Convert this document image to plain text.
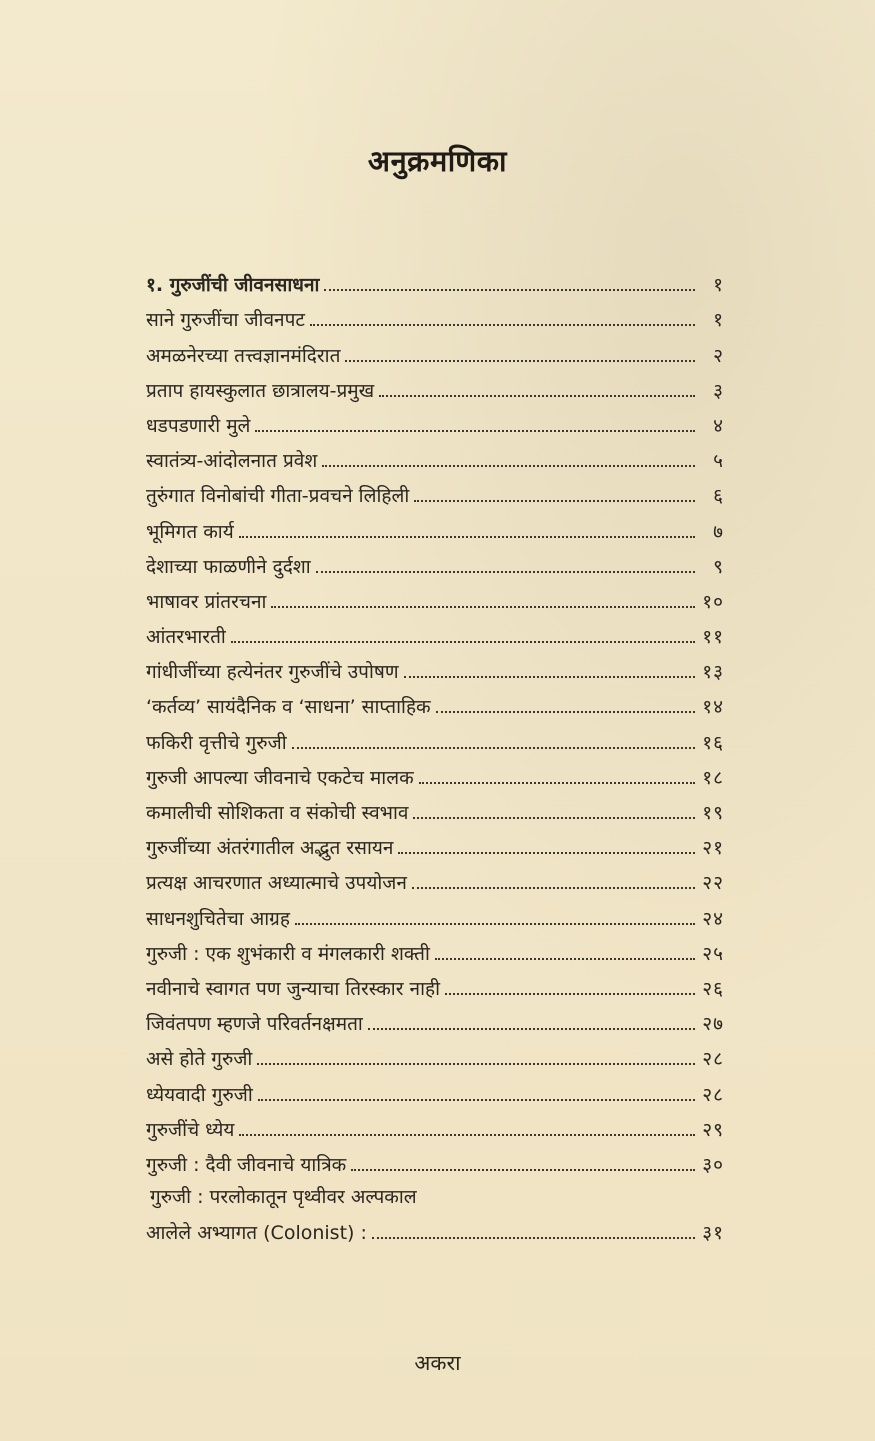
अनुक्रमणिका
१. गुरुजींची जीवनसाधना	१
साने गुरुजींचा जीवनपट	१
अमळनेरच्या तत्त्वज्ञानमंदिरात	२
प्रताप हायस्कुलात छात्रालय-प्रमुख	३
धडपडणारी मुले	४
स्वातंत्र्य-आंदोलनात प्रवेश	५
तुरुंगात विनोबांची गीता-प्रवचने लिहिली	६
भूमिगत कार्य	७
देशाच्या फाळणीने दुर्दशा	९
भाषावर प्रांतरचना	१०
आंतरभारती	११
गांधीजींच्या हत्येनंतर गुरुजींचे उपोषण	१३
‘कर्तव्य’ सायंदैनिक व ‘साधना’ साप्ताहिक	१४
फकिरी वृत्तीचे गुरुजी	१६
गुरुजी आपल्या जीवनाचे एकटेच मालक	१८
कमालीची सोशिकता व संकोची स्वभाव	१९
गुरुजींच्या अंतरंगातील अद्भुत रसायन	२१
प्रत्यक्ष आचरणात अध्यात्माचे उपयोजन	२२
साधनशुचितेचा आग्रह	२४
गुरुजी : एक शुभंकारी व मंगलकारी शक्ती	२५
नवीनाचे स्वागत पण जुन्याचा तिरस्कार नाही	२६
जिवंतपण म्हणजे परिवर्तनक्षमता	२७
असे होते गुरुजी	२८
ध्येयवादी गुरुजी	२८
गुरुजींचे ध्येय	२९
गुरुजी : दैवी जीवनाचे यात्रिक	३०
गुरुजी : परलोकातून पृथ्वीवर अल्पकाल
आलेले अभ्यागत (Colonist) :	३१
अकरा
